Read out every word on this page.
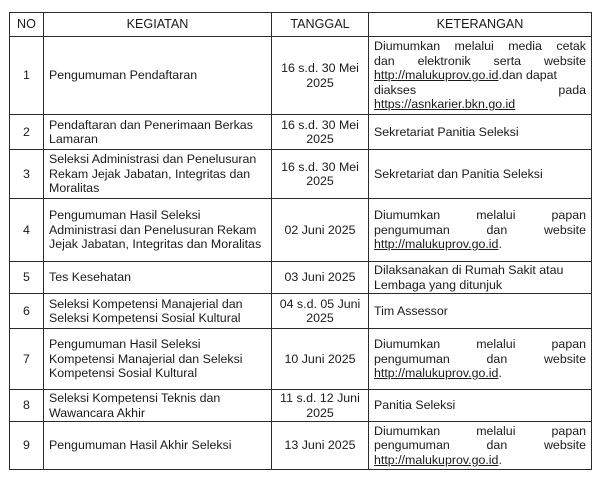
NO	KEGIATAN	TANGGAL	KETERANGAN
1	Pengumuman Pendaftaran	16 s.d. 30 Mei 2025	Diumumkan melalui media cetak
dan elektronik serta website
http://malukuprov.go.id.dan dapat
diakses pada
https://asnkarier.bkn.go.id

2	Pendaftaran dan Penerimaan Berkas Lamaran	16 s.d. 30 Mei 2025	Sekretariat Panitia Seleksi
3	Seleksi Administrasi dan Penelusuran Rekam Jejak Jabatan, Integritas dan Moralitas	16 s.d. 30 Mei 2025	Sekretariat dan Panitia Seleksi
4	Pengumuman Hasil Seleksi Administrasi dan Penelusuran Rekam Jejak Jabatan, Integritas dan Moralitas	02 Juni 2025	Diumumkan melalui papan
pengumuman dan website
http://malukuprov.go.id.

5	Tes Kesehatan	03 Juni 2025	Dilaksanakan di Rumah Sakit atau Lembaga yang ditunjuk
6	Seleksi Kompetensi Manajerial dan Seleksi Kompetensi Sosial Kultural	04 s.d. 05 Juni 2025	Tim Assessor
7	Pengumuman Hasil Seleksi Kompetensi Manajerial dan Seleksi Kompetensi Sosial Kultural	10 Juni 2025	Diumumkan melalui papan
pengumuman dan website
http://malukuprov.go.id.

8	Seleksi Kompetensi Teknis dan Wawancara Akhir	11 s.d. 12 Juni 2025	Panitia Seleksi
9	Pengumuman Hasil Akhir Seleksi	13 Juni 2025	Diumumkan melalui papan
pengumuman dan website
http://malukuprov.go.id.
